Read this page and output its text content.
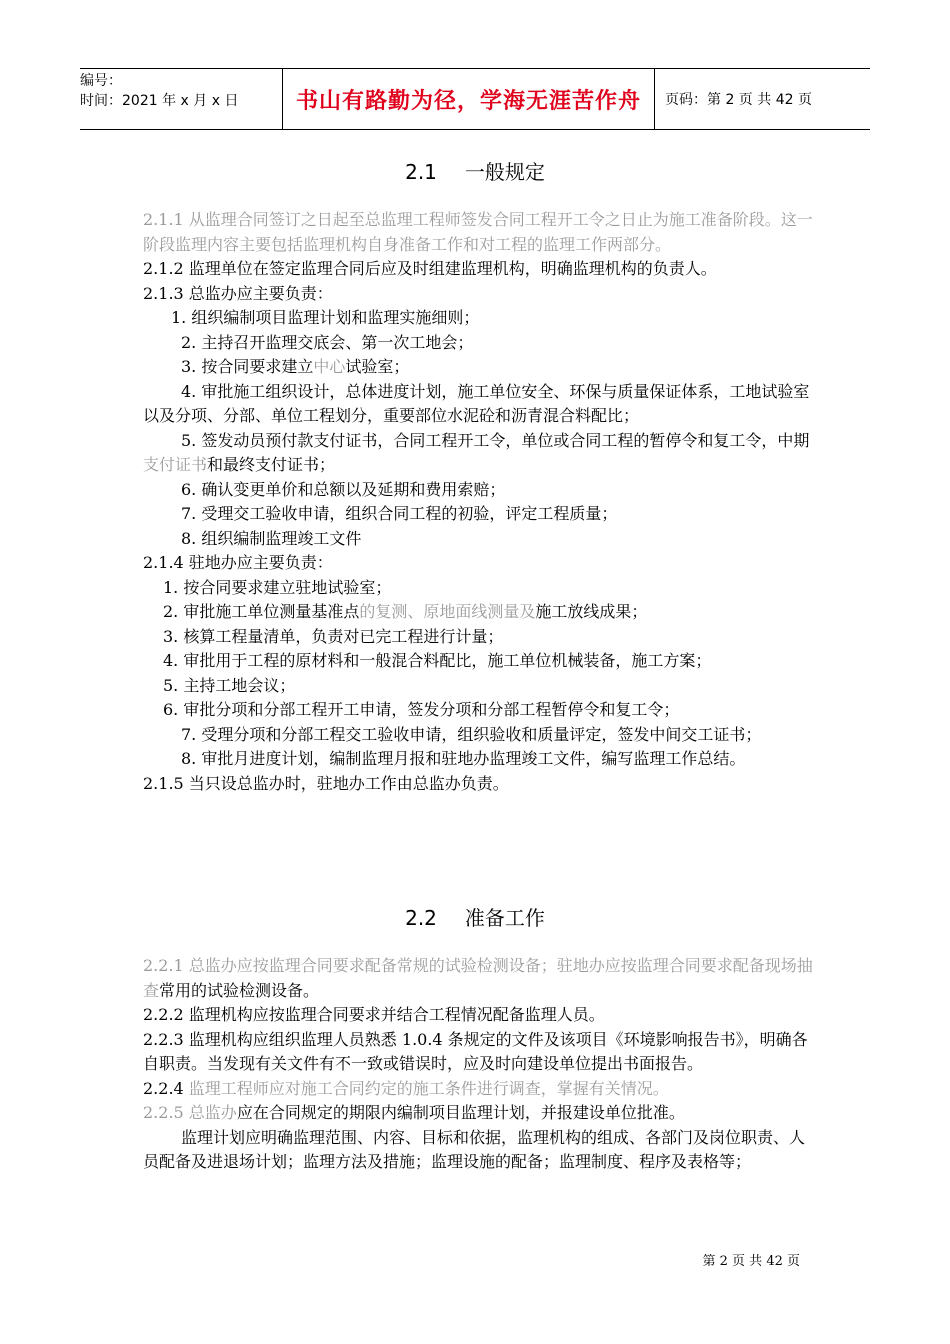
编号：
时间：2021 年 x 月 x 日	书山有路勤为径，学海无涯苦作舟	页码：第 2 页 共 42 页
2.1 一般规定

2.1.1 从监理合同签订之日起至总监理工程师签发合同工程开工令之日止为施工准备阶段。这一阶段监理内容主要包括监理机构自身准备工作和对工程的监理工作两部分。

2.1.2 监理单位在签定监理合同后应及时组建监理机构，明确监理机构的负责人。

2.1.3 总监办应主要负责：

1. 组织编制项目监理计划和监理实施细则；

2. 主持召开监理交底会、第一次工地会；

3. 按合同要求建立中心试验室；

4. 审批施工组织设计，总体进度计划，施工单位安全、环保与质量保证体系，工地试验室以及分项、分部、单位工程划分，重要部位水泥砼和沥青混合料配比；

5. 签发动员预付款支付证书，合同工程开工令，单位或合同工程的暂停令和复工令，中期支付证书和最终支付证书；

6. 确认变更单价和总额以及延期和费用索赔；

7. 受理交工验收申请，组织合同工程的初验，评定工程质量；

8. 组织编制监理竣工文件

2.1.4 驻地办应主要负责：

1. 按合同要求建立驻地试验室；

2. 审批施工单位测量基准点的复测、原地面线测量及施工放线成果；

3. 核算工程量清单，负责对已完工程进行计量；

4. 审批用于工程的原材料和一般混合料配比，施工单位机械装备，施工方案；

5. 主持工地会议；

6. 审批分项和分部工程开工申请，签发分项和分部工程暂停令和复工令；

7. 受理分项和分部工程交工验收申请，组织验收和质量评定，签发中间交工证书；

8. 审批月进度计划，编制监理月报和驻地办监理竣工文件，编写监理工作总结。

2.1.5 当只设总监办时，驻地办工作由总监办负责。

2.2 准备工作

2.2.1 总监办应按监理合同要求配备常规的试验检测设备；驻地办应按监理合同要求配备现场抽查常用的试验检测设备。

2.2.2 监理机构应按监理合同要求并结合工程情况配备监理人员。

2.2.3 监理机构应组织监理人员熟悉 1.0.4 条规定的文件及该项目《环境影响报告书》，明确各自职责。当发现有关文件有不一致或错误时，应及时向建设单位提出书面报告。

2.2.4 监理工程师应对施工合同约定的施工条件进行调查，掌握有关情况。

2.2.5 总监办应在合同规定的期限内编制项目监理计划，并报建设单位批准。

监理计划应明确监理范围、内容、目标和依据，监理机构的组成、各部门及岗位职责、人员配备及进退场计划；监理方法及措施；监理设施的配备；监理制度、程序及表格等；

第 2 页 共 42 页
